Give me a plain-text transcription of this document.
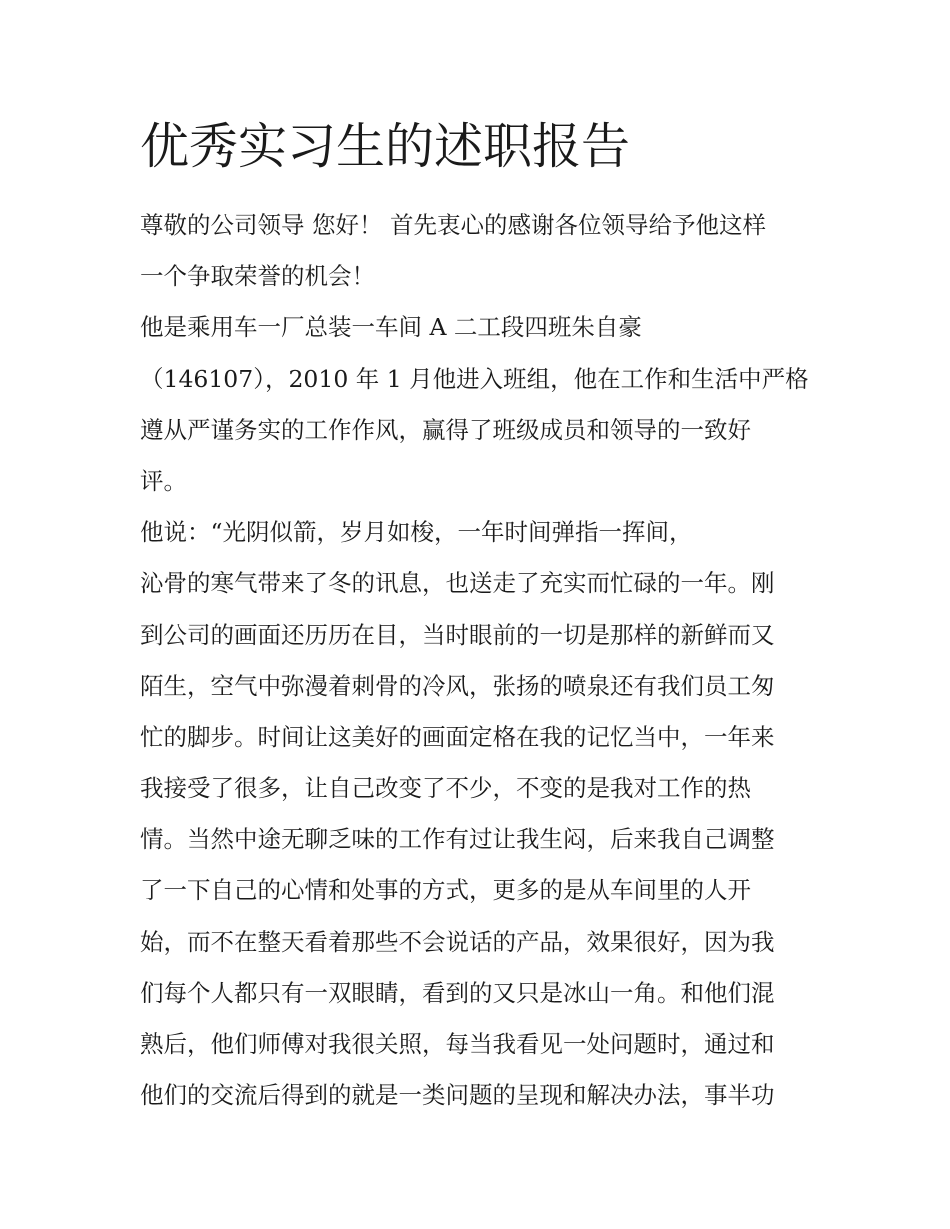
优秀实习生的述职报告
尊敬的公司领导 您好！ 首先衷心的感谢各位领导给予他这样
一个争取荣誉的机会！
他是乘用车一厂总装一车间 A 二工段四班朱自豪
（146107），2010 年 1 月他进入班组，他在工作和生活中严格
遵从严谨务实的工作作风，赢得了班级成员和领导的一致好
评。
他说：“光阴似箭，岁月如梭，一年时间弹指一挥间，
沁骨的寒气带来了冬的讯息，也送走了充实而忙碌的一年。刚
到公司的画面还历历在目，当时眼前的一切是那样的新鲜而又
陌生，空气中弥漫着刺骨的冷风，张扬的喷泉还有我们员工匆
忙的脚步。时间让这美好的画面定格在我的记忆当中，一年来
我接受了很多，让自己改变了不少，不变的是我对工作的热
情。当然中途无聊乏味的工作有过让我生闷，后来我自己调整
了一下自己的心情和处事的方式，更多的是从车间里的人开
始，而不在整天看着那些不会说话的产品，效果很好，因为我
们每个人都只有一双眼睛，看到的又只是冰山一角。和他们混
熟后，他们师傅对我很关照，每当我看见一处问题时，通过和
他们的交流后得到的就是一类问题的呈现和解决办法，事半功
